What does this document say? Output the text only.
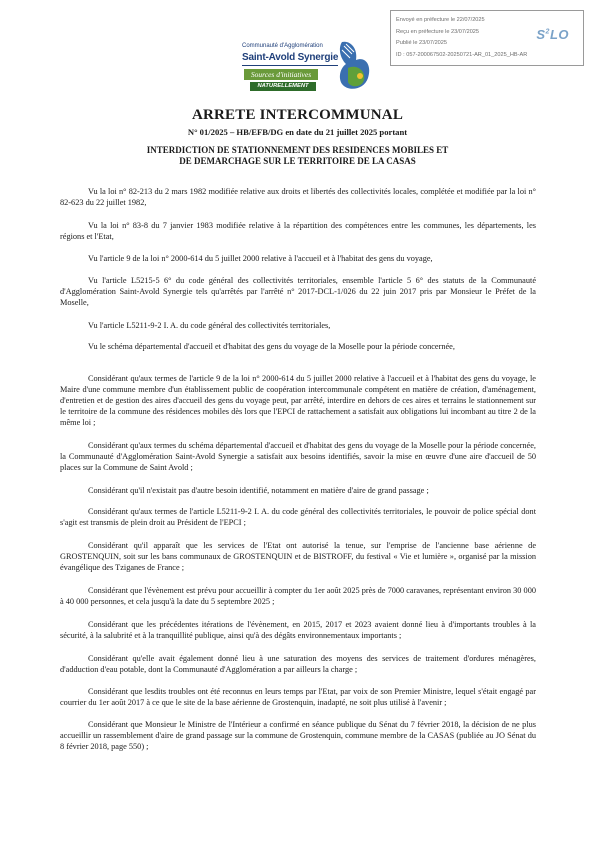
Envoyé en préfecture le 22/07/2025
Reçu en préfecture le 23/07/2025
Publié le 23/07/2025
ID : 057-200067502-20250721-AR_01_2025_HB-AR
$S^2LO$
Communauté d'Agglomération
Saint-Avold Synergie
Sources d'initiatives
NATURELLEMENT
ARRETE INTERCOMMUNAL
N° 01/2025 – HB/EFB/DG en date du 21 juillet 2025 portant
INTERDICTION DE STATIONNEMENT DES RESIDENCES MOBILES ET
DE DEMARCHAGE SUR LE TERRITOIRE DE LA CASAS
Vu la loi n° 82-213 du 2 mars 1982 modifiée relative aux droits et libertés des collectivités locales, complétée et modifiée par la loi n° 82-623 du 22 juillet 1982,
Vu la loi n° 83-8 du 7 janvier 1983 modifiée relative à la répartition des compétences entre les communes, les départements, les régions et l'Etat,
Vu l'article 9 de la loi n° 2000-614 du 5 juillet 2000 relative à l'accueil et à l'habitat des gens du voyage,
Vu l'article L5215-5 6° du code général des collectivités territoriales, ensemble l'article 5 6° des statuts de la Communauté d'Agglomération Saint-Avold Synergie tels qu'arrêtés par l'arrêté n° 2017-DCL-1/026 du 22 juin 2017 pris par Monsieur le Préfet de la Moselle,
Vu l'article L5211-9-2 I. A. du code général des collectivités territoriales,
Vu le schéma départemental d'accueil et d'habitat des gens du voyage de la Moselle pour la période concernée,
Considérant qu'aux termes de l'article 9 de la loi n° 2000-614 du 5 juillet 2000 relative à l'accueil et à l'habitat des gens du voyage, le Maire d'une commune membre d'un établissement public de coopération intercommunale compétent en matière de création, d'aménagement, d'entretien et de gestion des aires d'accueil des gens du voyage peut, par arrêté, interdire en dehors de ces aires et terrains le stationnement sur le territoire de la commune des résidences mobiles dès lors que l'EPCI de rattachement a satisfait aux obligations lui incombant au titre 2 de la même loi ;
Considérant qu'aux termes du schéma départemental d'accueil et d'habitat des gens du voyage de la Moselle pour la période concernée, la Communauté d'Agglomération Saint-Avold Synergie a satisfait aux besoins identifiés, savoir la mise en œuvre d'une aire d'accueil de 50 places sur la Commune de Saint Avold ;
Considérant qu'il n'existait pas d'autre besoin identifié, notamment en matière d'aire de grand passage ;
Considérant qu'aux termes de l'article L5211-9-2 I. A. du code général des collectivités territoriales, le pouvoir de police spécial dont s'agit est transmis de plein droit au Président de l'EPCI ;
Considérant qu'il apparaît que les services de l'Etat ont autorisé la tenue, sur l'emprise de l'ancienne base aérienne de GROSTENQUIN, soit sur les bans communaux de GROSTENQUIN et de BISTROFF, du festival « Vie et lumière », organisé par la mission évangélique des Tziganes de France ;
Considérant que l'évènement est prévu pour accueillir à compter du 1er août 2025 près de 7000 caravanes, représentant environ 30 000 à 40 000 personnes, et cela jusqu'à la date du 5 septembre 2025 ;
Considérant que les précédentes itérations de l'évènement, en 2015, 2017 et 2023 avaient donné lieu à d'importants troubles à la sécurité, à la salubrité et à la tranquillité publique, ainsi qu'à des dégâts environnementaux importants ;
Considérant qu'elle avait également donné lieu à une saturation des moyens des services de traitement d'ordures ménagères, d'adduction d'eau potable, dont la Communauté d'Agglomération a par ailleurs la charge ;
Considérant que lesdits troubles ont été reconnus en leurs temps par l'Etat, par voix de son Premier Ministre, lequel s'était engagé par courrier du 1er août 2017 à ce que le site de la base aérienne de Grostenquin, inadapté, ne soit plus utilisé à l'avenir ;
Considérant que Monsieur le Ministre de l'Intérieur a confirmé en séance publique du Sénat du 7 février 2018, la décision de ne plus accueillir un rassemblement d'aire de grand passage sur la commune de Grostenquin, commune membre de la CASAS (publiée au JO Sénat du 8 février 2018, page 550) ;
